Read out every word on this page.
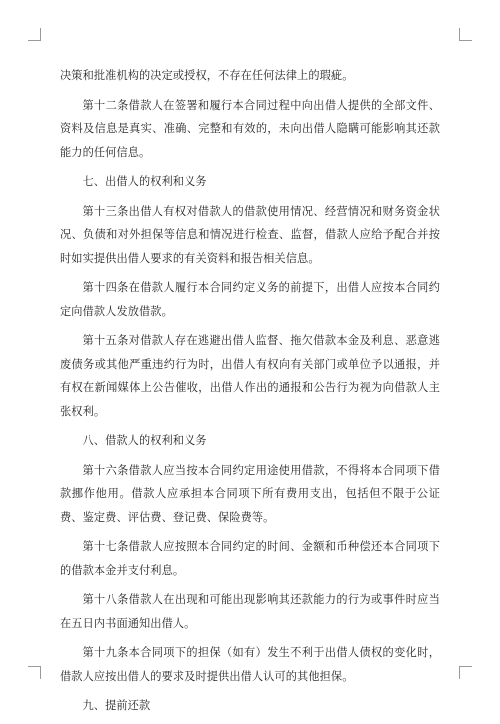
决策和批准机构的决定或授权，不存在任何法律上的瑕疵。

第十二条借款人在签署和履行本合同过程中向出借人提供的全部文件、资料及信息是真实、准确、完整和有效的，未向出借人隐瞒可能影响其还款能力的任何信息。

七、出借人的权利和义务

第十三条出借人有权对借款人的借款使用情况、经营情况和财务资金状况、负债和对外担保等信息和情况进行检查、监督，借款人应给予配合并按时如实提供出借人要求的有关资料和报告相关信息。

第十四条在借款人履行本合同约定义务的前提下，出借人应按本合同约定向借款人发放借款。

第十五条对借款人存在逃避出借人监督、拖欠借款本金及利息、恶意逃废债务或其他严重违约行为时，出借人有权向有关部门或单位予以通报，并有权在新闻媒体上公告催收，出借人作出的通报和公告行为视为向借款人主张权利。

八、借款人的权利和义务

第十六条借款人应当按本合同约定用途使用借款，不得将本合同项下借款挪作他用。借款人应承担本合同项下所有费用支出，包括但不限于公证费、鉴定费、评估费、登记费、保险费等。

第十七条借款人应按照本合同约定的时间、金额和币种偿还本合同项下的借款本金并支付利息。

第十八条借款人在出现和可能出现影响其还款能力的行为或事件时应当在五日内书面通知出借人。

第十九条本合同项下的担保（如有）发生不利于出借人债权的变化时，借款人应按出借人的要求及时提供出借人认可的其他担保。

九、提前还款
